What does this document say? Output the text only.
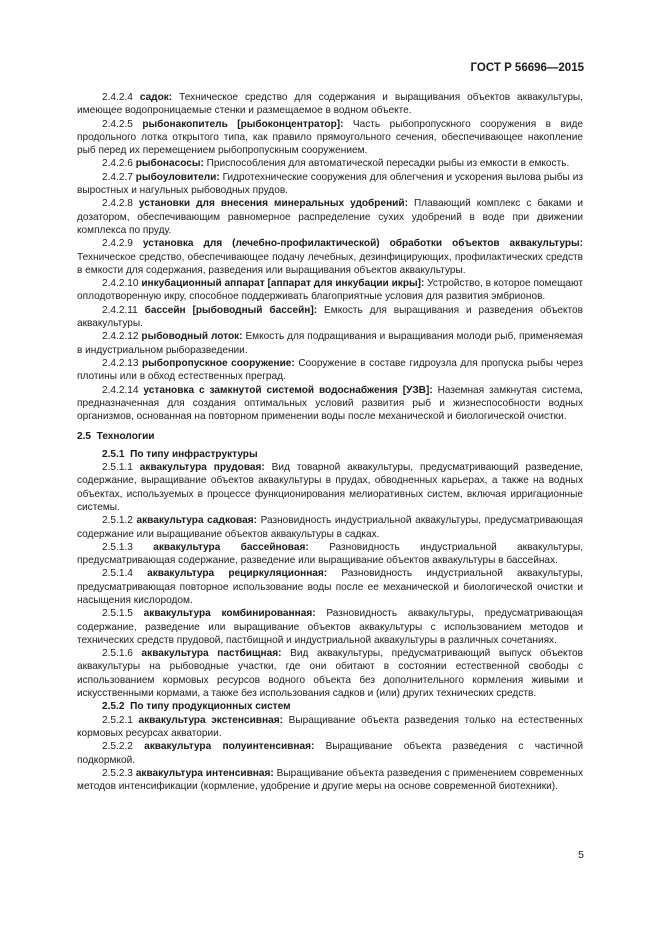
ГОСТ Р 56696—2015

2.4.2.4 садок: Техническое средство для содержания и выращивания объектов аквакультуры, имеющее водопроницаемые стенки и размещаемое в водном объекте.

2.4.2.5 рыбонакопитель [рыбоконцентратор]: Часть рыбопропускного сооружения в виде продольного лотка открытого типа, как правило прямоугольного сечения, обеспечивающее накопление рыб перед их перемещением рыбопропускным сооружением.

2.4.2.6 рыбонасосы: Приспособления для автоматической пересадки рыбы из емкости в емкость.

2.4.2.7 рыбоуловители: Гидротехнические сооружения для облегчения и ускорения вылова рыбы из выростных и нагульных рыбоводных прудов.

2.4.2.8 установки для внесения минеральных удобрений: Плавающий комплекс с баками и дозатором, обеспечивающим равномерное распределение сухих удобрений в воде при движении комплекса по пруду.

2.4.2.9 установка для (лечебно-профилактической) обработки объектов аквакультуры: Техническое средство, обеспечивающее подачу лечебных, дезинфицирующих, профилактических средств в емкости для содержания, разведения или выращивания объектов аквакультуры.

2.4.2.10 инкубационный аппарат [аппарат для инкубации икры]: Устройство, в которое помещают оплодотворенную икру, способное поддерживать благоприятные условия для развития эмбрионов.

2.4.2.11 бассейн [рыбоводный бассейн]: Емкость для выращивания и разведения объектов аквакультуры.

2.4.2.12 рыбоводный лоток: Емкость для подращивания и выращивания молоди рыб, применяемая в индустриальном рыборазведении.

2.4.2.13 рыбопропускное сооружение: Сооружение в составе гидроузла для пропуска рыбы через плотины или в обход естественных преград.

2.4.2.14 установка с замкнутой системой водоснабжения [УЗВ]: Наземная замкнутая система, предназначенная для создания оптимальных условий развития рыб и жизнеспособности водных организмов, основанная на повторном применении воды после механической и биологической очистки.

2.5 Технологии

2.5.1 По типу инфраструктуры

2.5.1.1 аквакультура прудовая: Вид товарной аквакультуры, предусматривающий разведение, содержание, выращивание объектов аквакультуры в прудах, обводненных карьерах, а также на водных объектах, используемых в процессе функционирования мелиоративных систем, включая ирригационные системы.

2.5.1.2 аквакультура садковая: Разновидность индустриальной аквакультуры, предусматривающая содержание или выращивание объектов аквакультуры в садках.

2.5.1.3 аквакультура бассейновая: Разновидность индустриальной аквакультуры, предусматривающая содержание, разведение или выращивание объектов аквакультуры в бассейнах.

2.5.1.4 аквакультура рециркуляционная: Разновидность индустриальной аквакультуры, предусматривающая повторное использование воды после ее механической и биологической очистки и насыщения кислородом.

2.5.1.5 аквакультура комбинированная: Разновидность аквакультуры, предусматривающая содержание, разведение или выращивание объектов аквакультуры с использованием методов и технических средств прудовой, пастбищной и индустриальной аквакультуры в различных сочетаниях.

2.5.1.6 аквакультура пастбищная: Вид аквакультуры, предусматривающий выпуск объектов аквакультуры на рыбоводные участки, где они обитают в состоянии естественной свободы с использованием кормовых ресурсов водного объекта без дополнительного кормления живыми и искусственными кормами, а также без использования садков и (или) других технических средств.

2.5.2 По типу продукционных систем

2.5.2.1 аквакультура экстенсивная: Выращивание объекта разведения только на естественных кормовых ресурсах акватории.

2.5.2.2 аквакультура полуинтенсивная: Выращивание объекта разведения с частичной подкормкой.

2.5.2.3 аквакультура интенсивная: Выращивание объекта разведения с применением современных методов интенсификации (кормление, удобрение и другие меры на основе современной биотехники).

5
